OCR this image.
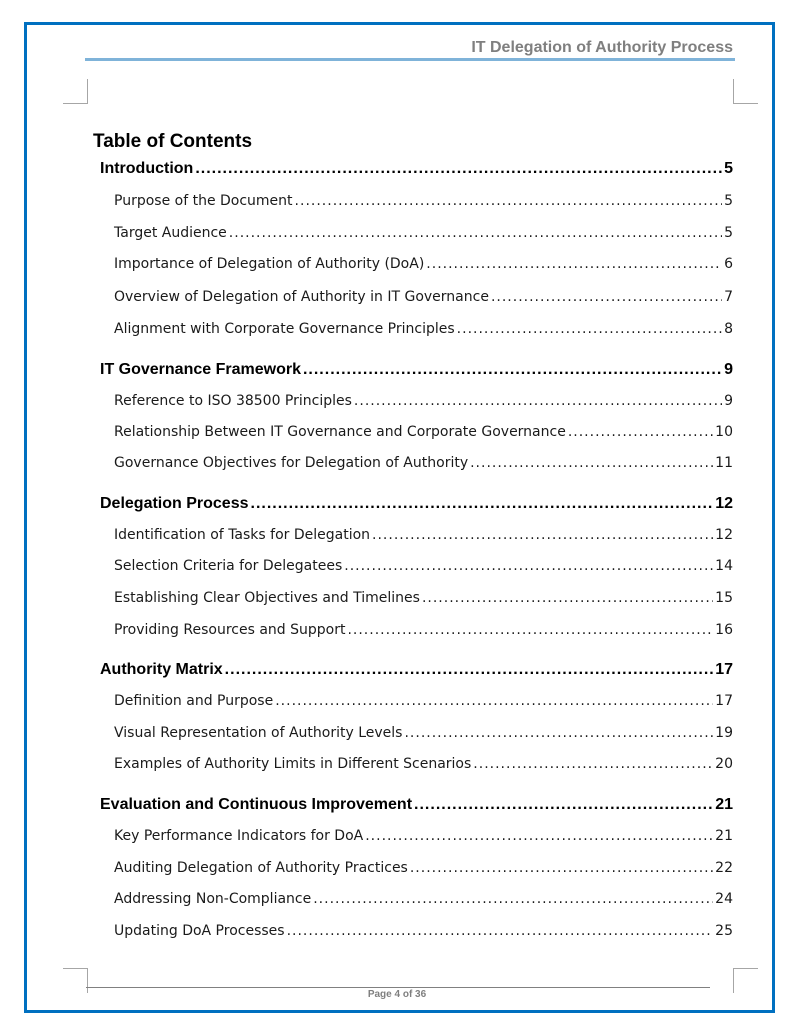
IT Delegation of Authority Process
Table of Contents
Introduction .....	5
Purpose of the Document .....	5
Target Audience .....	5
Importance of Delegation of Authority (DoA) .....	6
Overview of Delegation of Authority in IT Governance .....	7
Alignment with Corporate Governance Principles .....	8
IT Governance Framework .....	9
Reference to ISO 38500 Principles .....	9
Relationship Between IT Governance and Corporate Governance .....	10
Governance Objectives for Delegation of Authority .....	11
Delegation Process .....	12
Identification of Tasks for Delegation .....	12
Selection Criteria for Delegatees .....	14
Establishing Clear Objectives and Timelines .....	15
Providing Resources and Support .....	16
Authority Matrix .....	17
Definition and Purpose .....	17
Visual Representation of Authority Levels .....	19
Examples of Authority Limits in Different Scenarios .....	20
Evaluation and Continuous Improvement .....	21
Key Performance Indicators for DoA .....	21
Auditing Delegation of Authority Practices .....	22
Addressing Non-Compliance .....	24
Updating DoA Processes .....	25
Page 4 of 36
